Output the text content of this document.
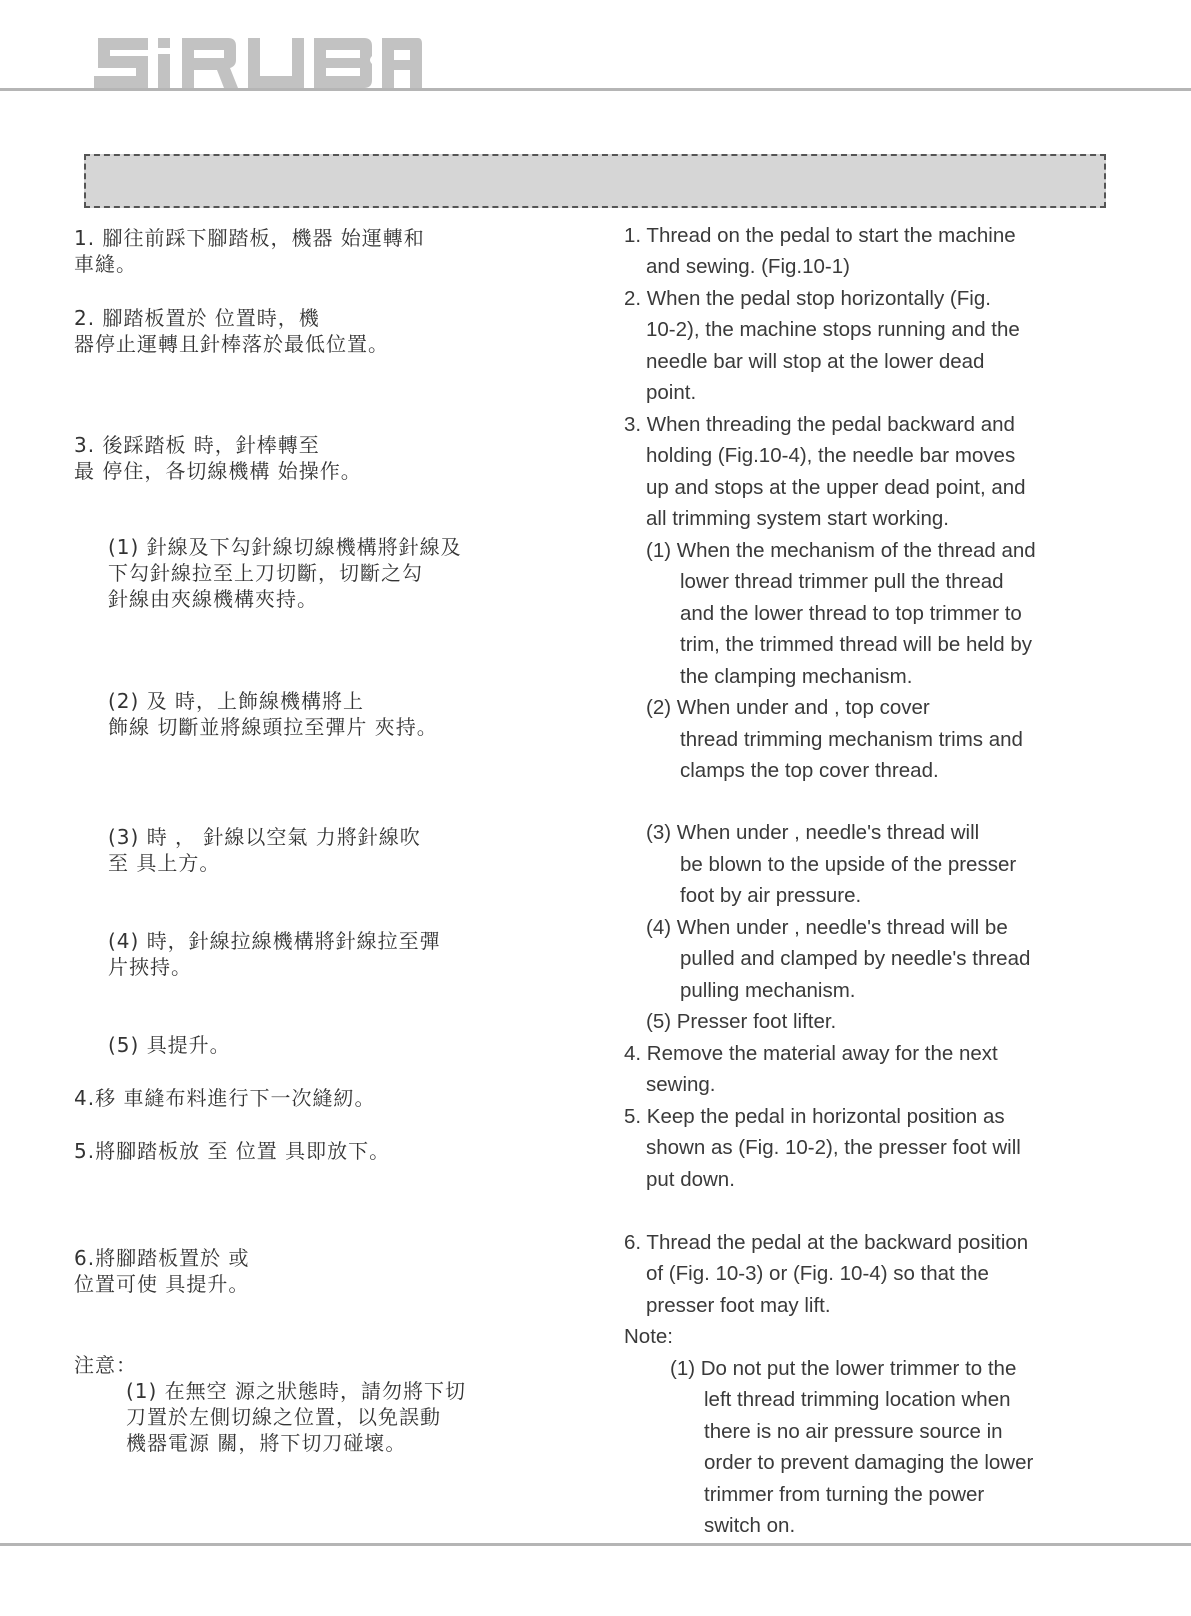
1. 腳往前踩下腳踏板，機器 始運轉和
車縫。
2. 腳踏板置於 位置時，機
器停止運轉且針棒落於最低位置。
3. 後踩踏板 時，針棒轉至
最 停住，各切線機構 始操作。
(1) 針線及下勾針線切線機構將針線及
下勾針線拉至上刀切斷，切斷之勾
針線由夾線機構夾持。
(2) 及 時，上飾線機構將上
飾線 切斷並將線頭拉至彈片 夾持。
(3) 時 ， 針線以空氣 力將針線吹
至 具上方。
(4) 時，針線拉線機構將針線拉至彈
片挾持。
(5) 具提升。
4.移 車縫布料進行下一次縫紉。
5.將腳踏板放 至 位置 具即放下。
6.將腳踏板置於 或
位置可使 具提升。
注意：
(1) 在無空 源之狀態時，請勿將下切
刀置於左側切線之位置，以免誤動
機器電源 關，將下切刀碰壞。
1. Thread on the pedal to start the machine
and sewing. (Fig.10-1)
2. When the pedal stop horizontally (Fig.
10-2), the machine stops running and the
needle bar will stop at the lower dead
point.
3. When threading the pedal backward and
holding (Fig.10-4), the needle bar moves
up and stops at the upper dead point, and
all trimming system start working.
(1) When the mechanism of the thread and
lower thread trimmer pull the thread
and the lower thread to top trimmer to
trim, the trimmed thread will be held by
the clamping mechanism.
(2) When under and , top cover
thread trimming mechanism trims and
clamps the top cover thread.
(3) When under , needle's thread will
be blown to the upside of the presser
foot by air pressure.
(4) When under , needle's thread will be
pulled and clamped by needle's thread
pulling mechanism.
(5) Presser foot lifter.
4. Remove the material away for the next
sewing.
5. Keep the pedal in horizontal position as
shown as (Fig. 10-2), the presser foot will
put down.
6. Thread the pedal at the backward position
of (Fig. 10-3) or (Fig. 10-4) so that the
presser foot may lift.
Note:
(1) Do not put the lower trimmer to the
left thread trimming location when
there is no air pressure source in
order to prevent damaging the lower
trimmer from turning the power
switch on.
